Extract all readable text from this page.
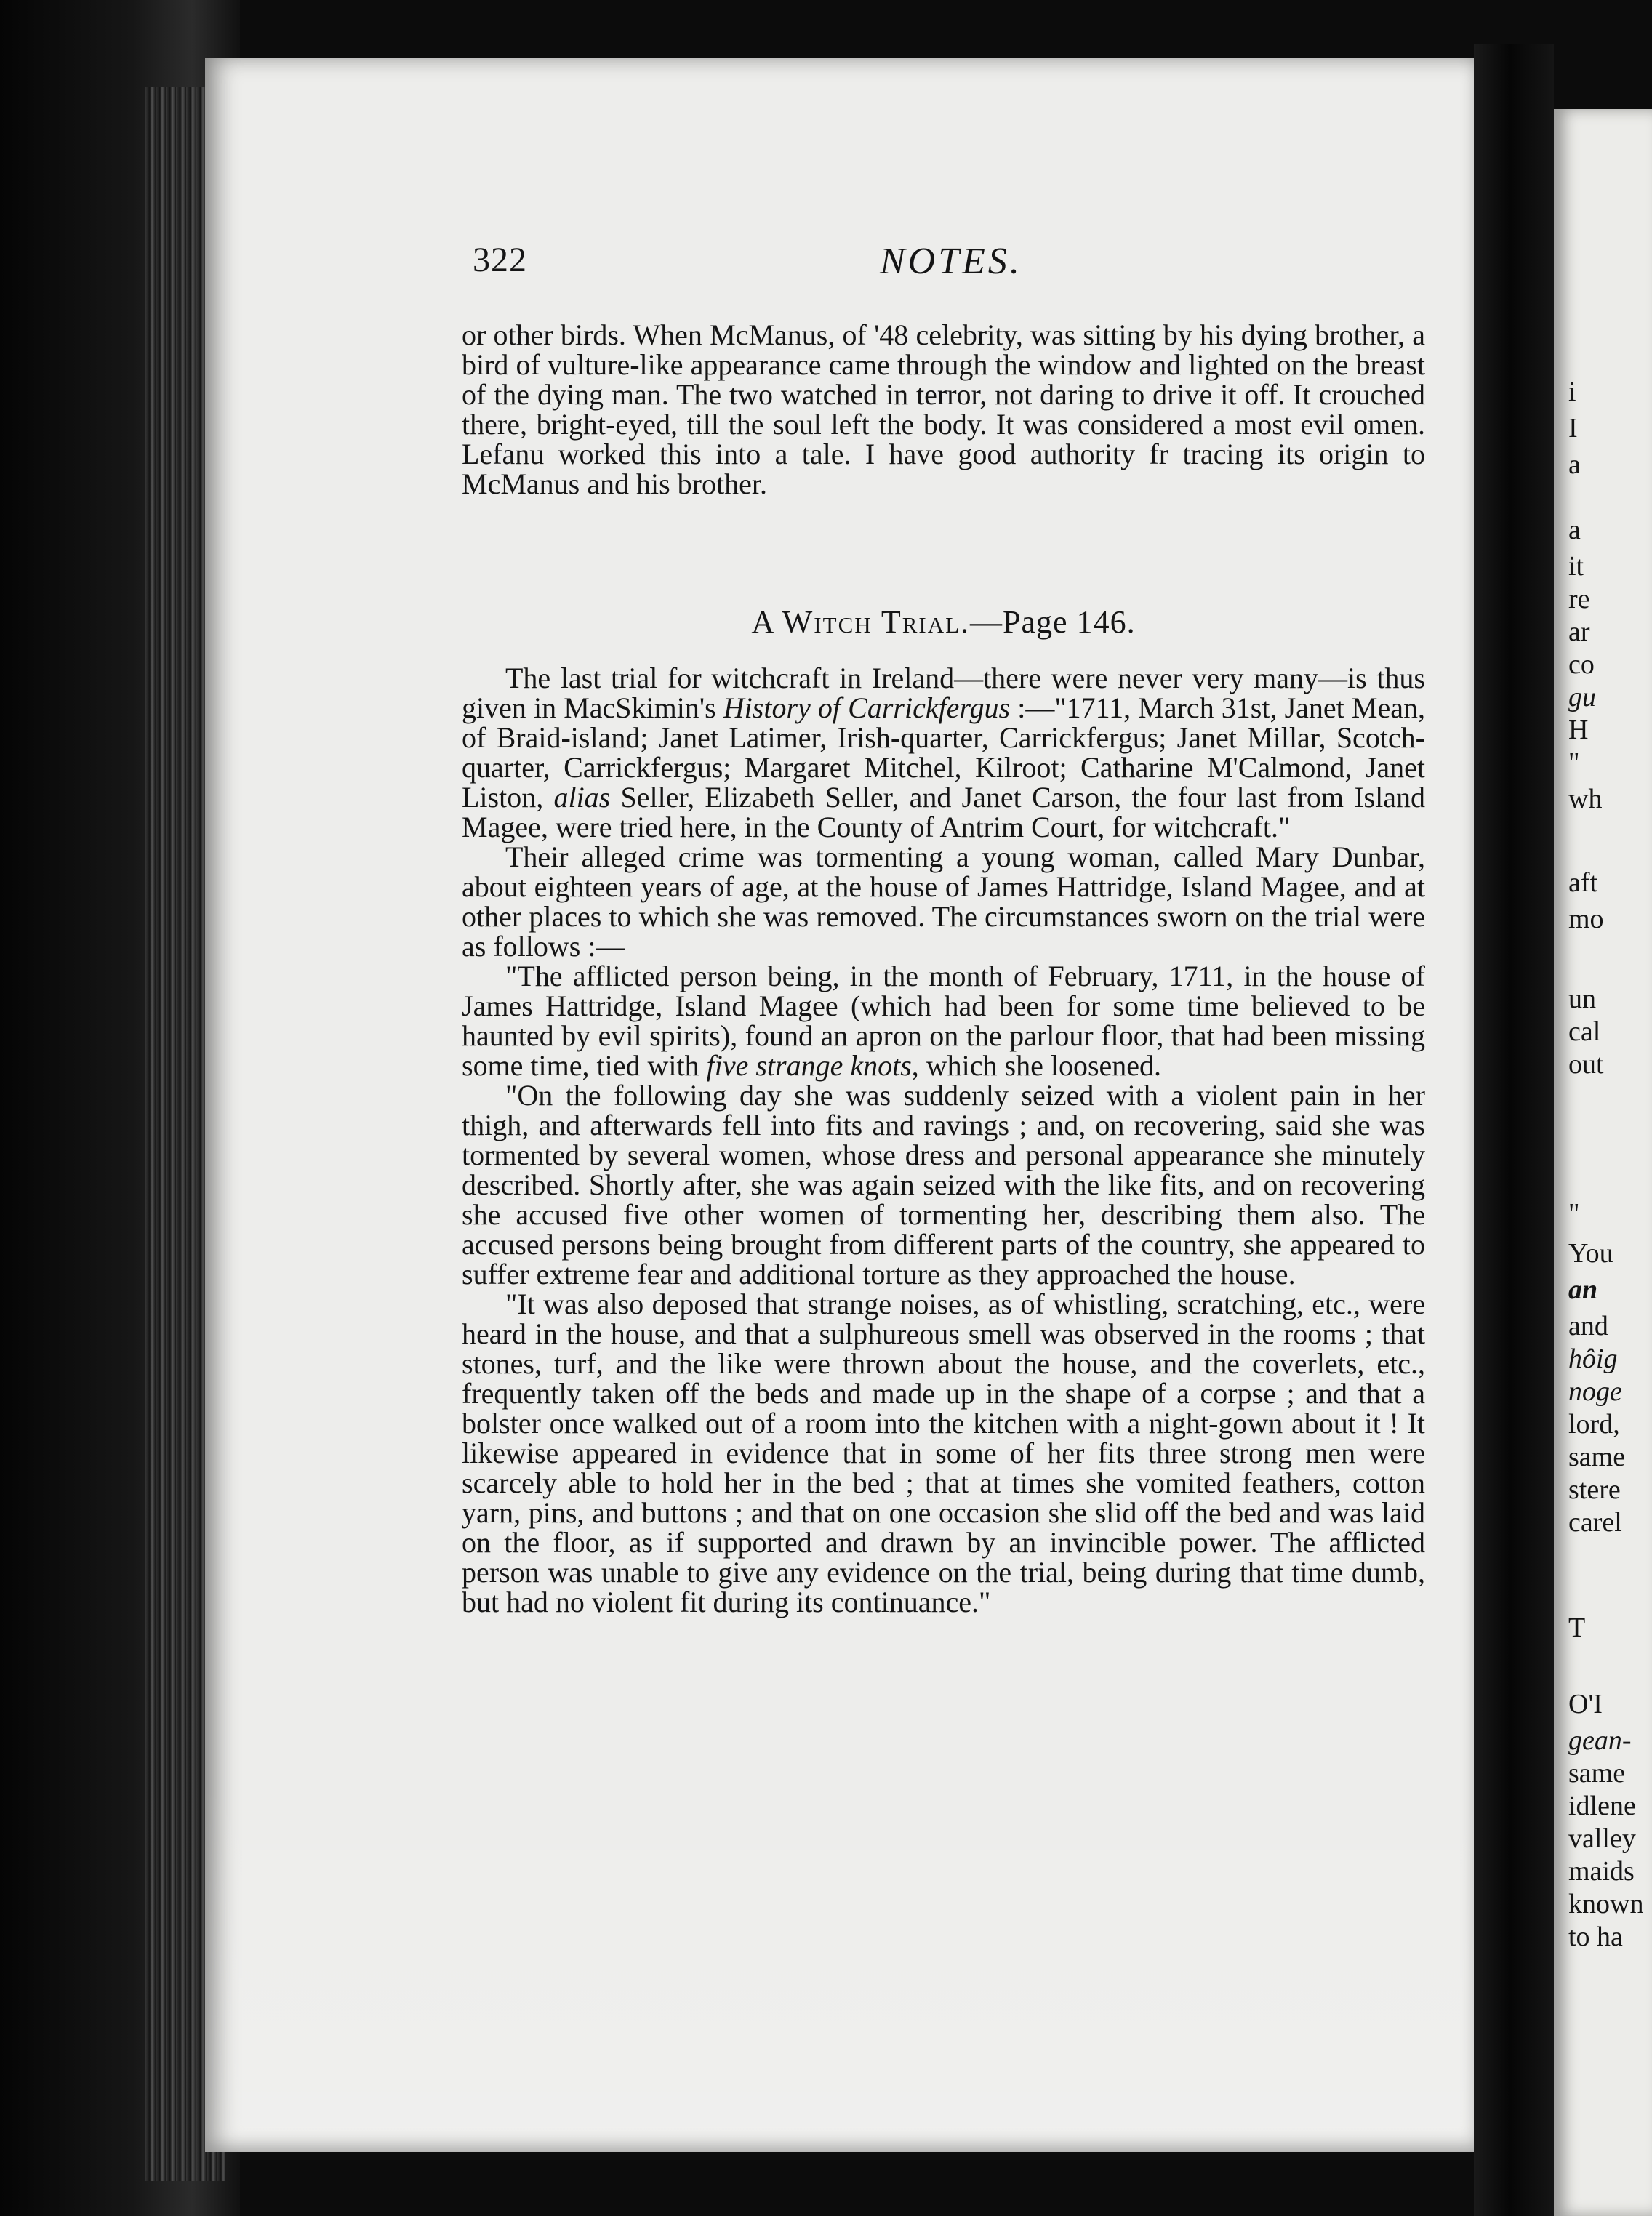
322	NOTES.

or other birds. When McManus, of '48 celebrity, was sitting by his dying brother, a bird of vulture-like appearance came through the window and lighted on the breast of the dying man. The two watched in terror, not daring to drive it off. It crouched there, bright-eyed, till the soul left the body. It was considered a most evil omen. Lefanu worked this into a tale. I have good authority fr tracing its origin to McManus and his brother.

A Witch Trial.—Page 146.

The last trial for witchcraft in Ireland—there were never very many—is thus given in MacSkimin's History of Carrickfergus :—"1711, March 31st, Janet Mean, of Braid-island; Janet Latimer, Irish-quarter, Carrickfergus; Janet Millar, Scotch-quarter, Carrickfergus; Margaret Mitchel, Kilroot; Catharine M'Calmond, Janet Liston, alias Seller, Elizabeth Seller, and Janet Carson, the four last from Island Magee, were tried here, in the County of Antrim Court, for witchcraft."

Their alleged crime was tormenting a young woman, called Mary Dunbar, about eighteen years of age, at the house of James Hattridge, Island Magee, and at other places to which she was removed. The circumstances sworn on the trial were as follows :—

"The afflicted person being, in the month of February, 1711, in the house of James Hattridge, Island Magee (which had been for some time believed to be haunted by evil spirits), found an apron on the parlour floor, that had been missing some time, tied with five strange knots, which she loosened.

"On the following day she was suddenly seized with a violent pain in her thigh, and afterwards fell into fits and ravings ; and, on recovering, said she was tormented by several women, whose dress and personal appearance she minutely described. Shortly after, she was again seized with the like fits, and on recovering she accused five other women of tormenting her, describing them also. The accused persons being brought from different parts of the country, she appeared to suffer extreme fear and additional torture as they approached the house.

"It was also deposed that strange noises, as of whistling, scratching, etc., were heard in the house, and that a sulphureous smell was observed in the rooms ; that stones, turf, and the like were thrown about the house, and the coverlets, etc., frequently taken off the beds and made up in the shape of a corpse ; and that a bolster once walked out of a room into the kitchen with a night-gown about it ! It likewise appeared in evidence that in some of her fits three strong men were scarcely able to hold her in the bed ; that at times she vomited feathers, cotton yarn, pins, and buttons ; and that on one occasion she slid off the bed and was laid on the floor, as if supported and drawn by an invincible power. The afflicted person was unable to give any evidence on the trial, being during that time dumb, but had no violent fit during its continuance."

i
I
a
a
it
re
ar
co
gu
H
"
wh
aft
mo
un
cal
out
"
You
an
and
hôig
noge
lord,
same
stere
carel
T
O'I
gean-
same
idlene
valley
maids
known
to ha
